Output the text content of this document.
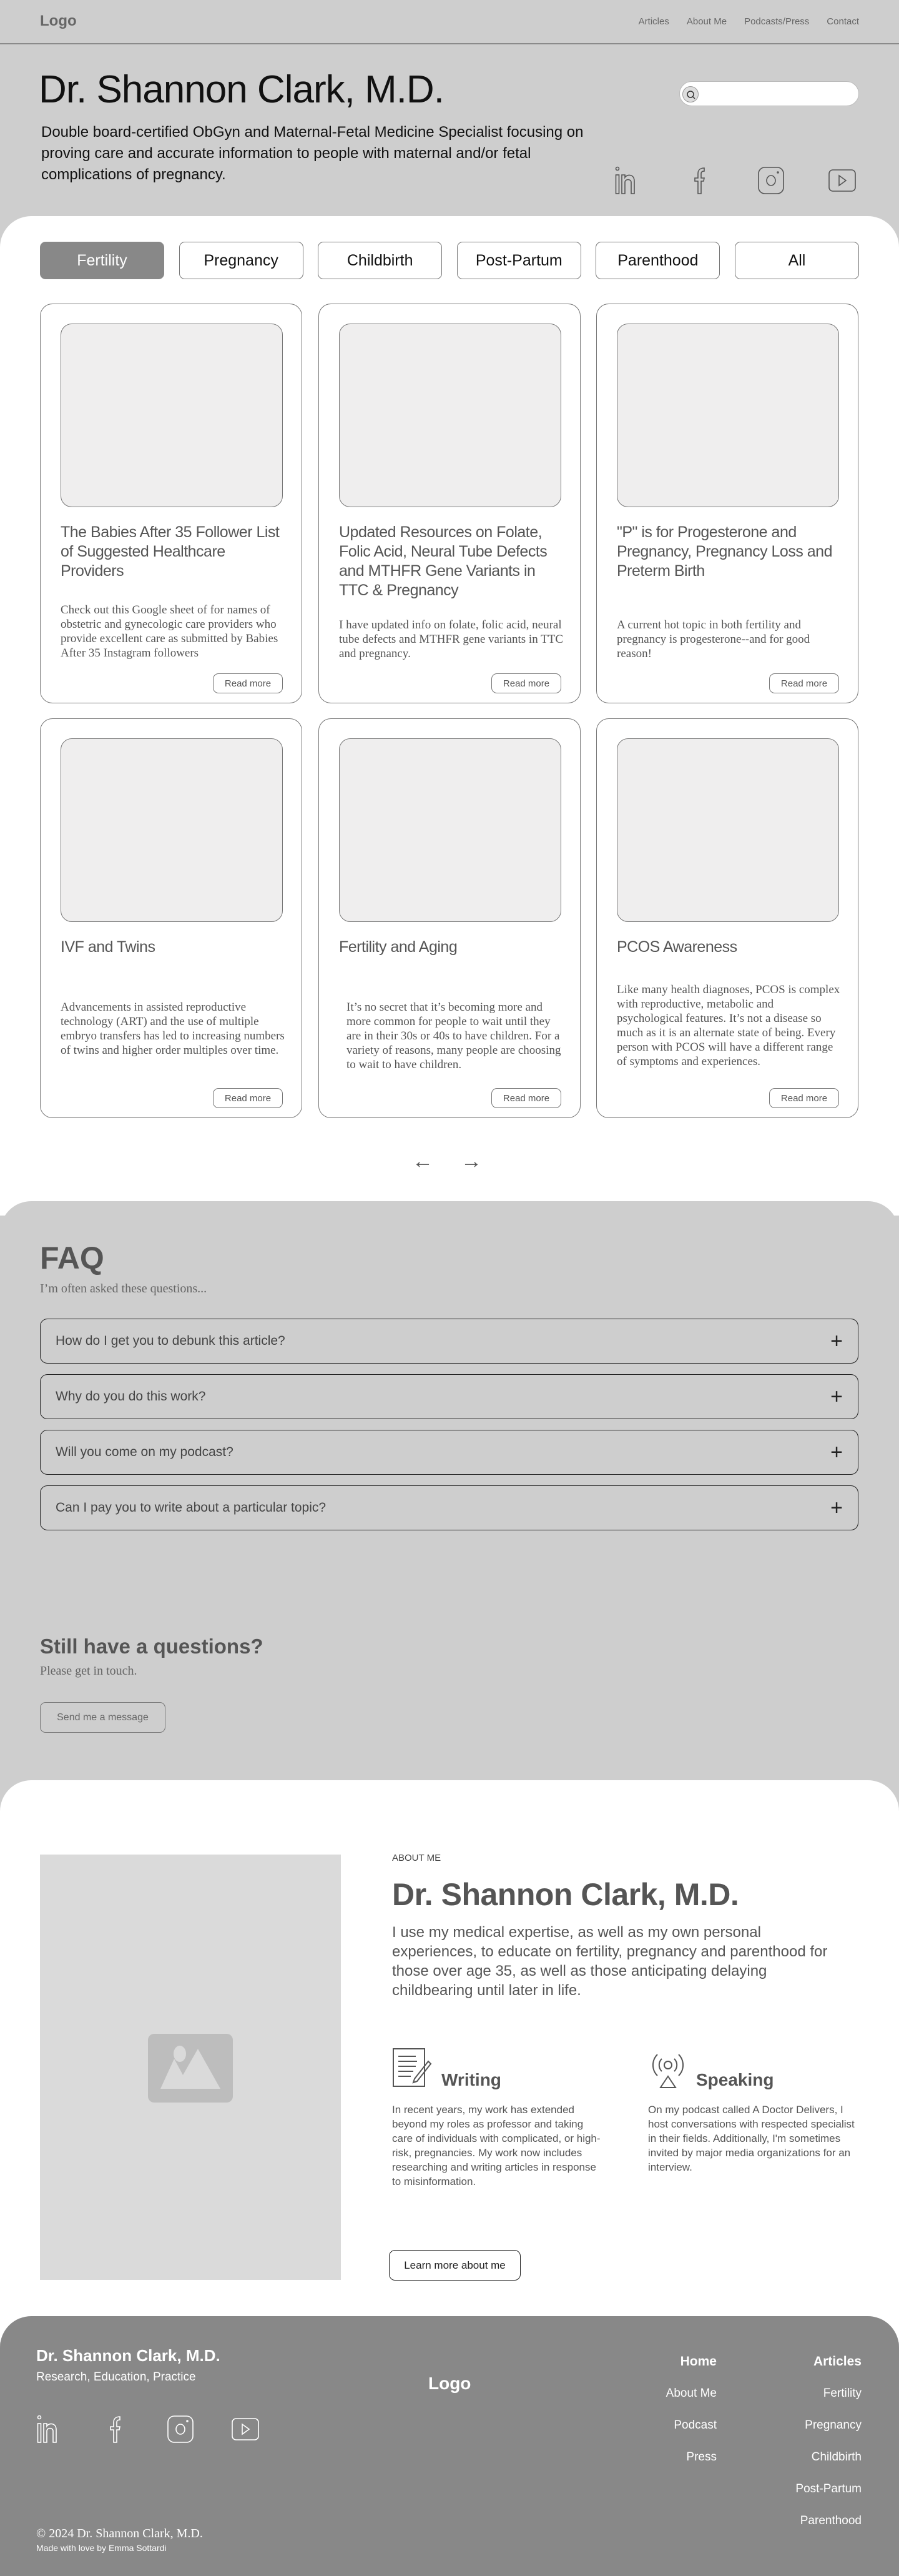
Logo	Articles About Me Podcasts/Press Contact
Dr. Shannon Clark, M.D.

Double board-certified ObGyn and Maternal-Fetal Medicine Specialist focusing on proving care and accurate information to people with maternal and/or fetal complications of pregnancy.

Fertility	Pregnancy	Childbirth	Post-Partum	Parenthood	All
The Babies After 35 Follower List of Suggested Healthcare Providers
Check out this Google sheet of for names of obstetric and gynecologic care providers who provide excellent care as submitted by Babies After 35 Instagram followers
Read more
Updated Resources on Folate, Folic Acid, Neural Tube Defects and MTHFR Gene Variants in TTC & Pregnancy
I have updated info on folate, folic acid, neural tube defects and MTHFR gene variants in TTC and pregnancy.
Read more
"P" is for Progesterone and Pregnancy, Pregnancy Loss and Preterm Birth
A current hot topic in both fertility and pregnancy is progesterone--and for good reason!
Read more
IVF and Twins
Advancements in assisted reproductive technology (ART) and the use of multiple embryo transfers has led to increasing numbers of twins and higher order multiples over time.
Read more
Fertility and Aging
It’s no secret that it’s becoming more and more common for people to wait until they are in their 30s or 40s to have children. For a variety of reasons, many people are choosing to wait to have children.
Read more
PCOS Awareness
Like many health diagnoses, PCOS is complex with reproductive, metabolic and psychological features. It’s not a disease so much as it is an alternate state of being. Every person with PCOS will have a different range of symptoms and experiences.
Read more
← →
FAQ

I’m often asked these questions...

How do I get you to debunk this article?	+
Why do you do this work?	+
Will you come on my podcast?	+
Can I pay you to write about a particular topic?	+
Still have a questions?

Please get in touch.

Send me a message
ABOUT ME
Dr. Shannon Clark, M.D.

I use my medical expertise, as well as my own personal experiences, to educate on fertility, pregnancy and parenthood for those over age 35, as well as those anticipating delaying childbearing until later in life.

Writing

In recent years, my work has extended beyond my roles as professor and taking care of individuals with complicated, or high-risk, pregnancies. My work now includes researching and writing articles in response to misinformation.

Speaking

On my podcast called A Doctor Delivers, I host conversations with respected specialist in their fields. Additionally, I'm sometimes invited by major media organizations for an interview.

Learn more about me
Dr. Shannon Clark, M.D.
Research, Education, Practice	Logo
© 2024 Dr. Shannon Clark, M.D.
Made with love by Emma Sottardi
Home
About Me
Podcast
Press
Articles
Fertility
Pregnancy
Childbirth
Post-Partum
Parenthood
